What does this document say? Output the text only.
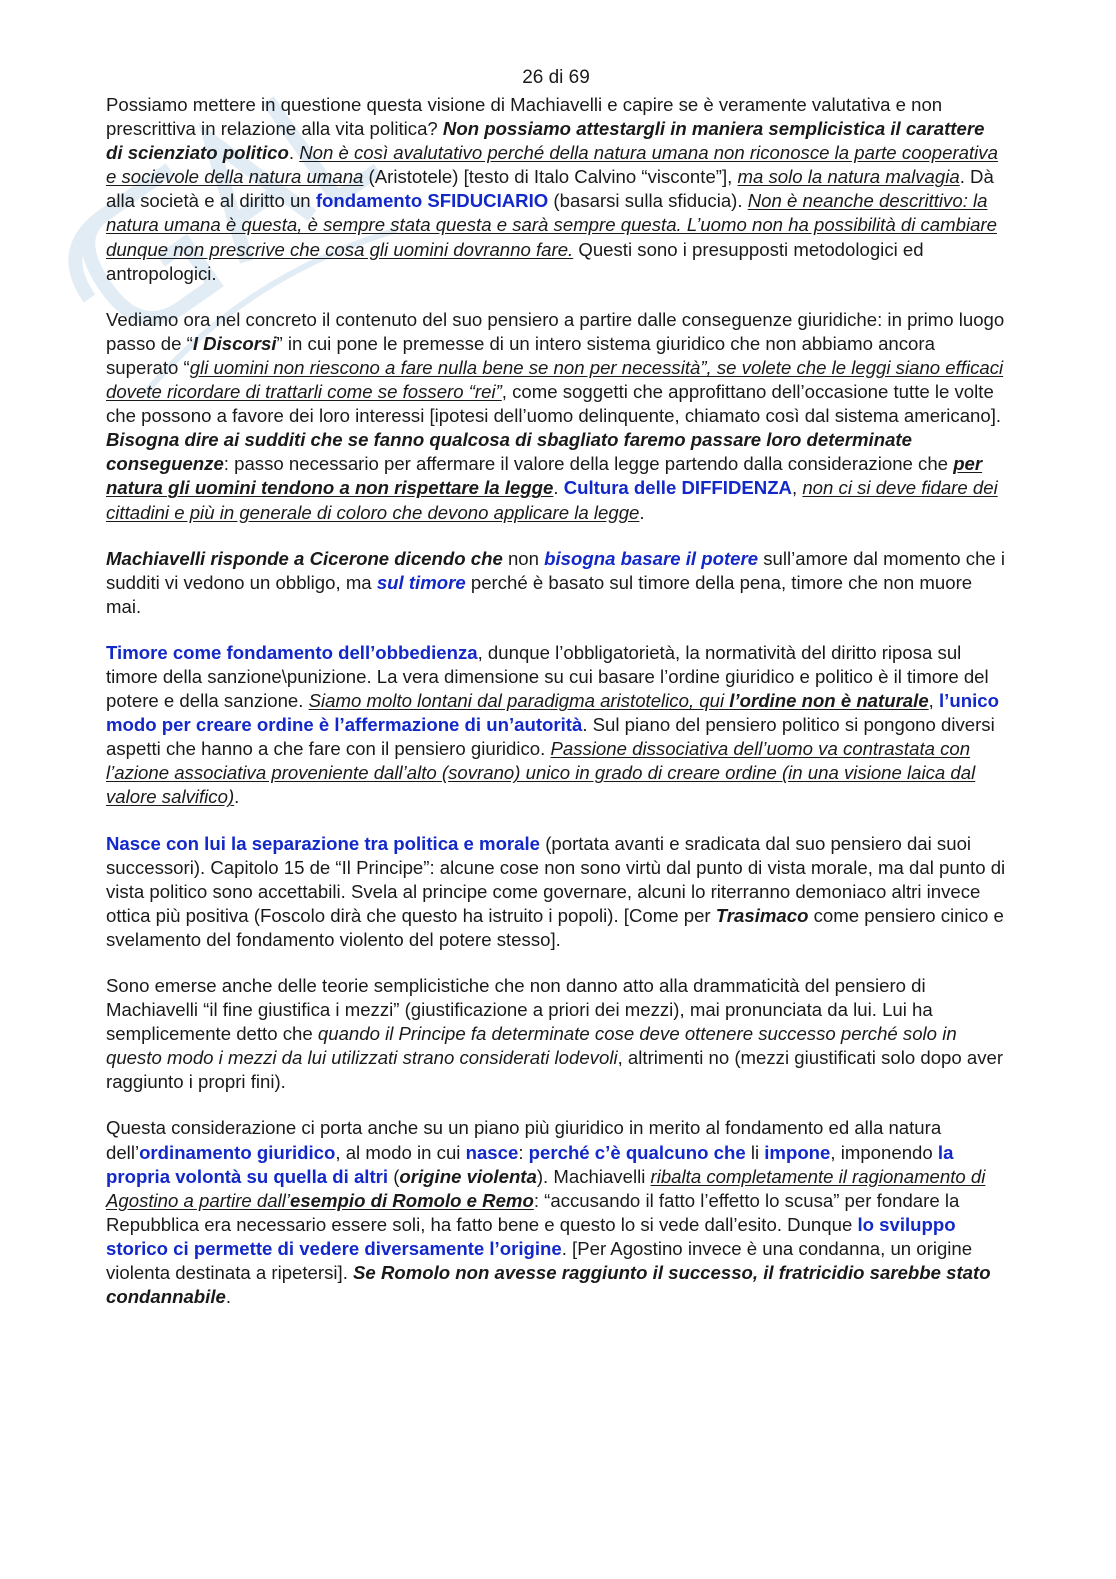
26 di 69

Possiamo mettere in questione questa visione di Machiavelli e capire se è veramente valutativa e non prescrittiva in relazione alla vita politica? Non possiamo attestargli in maniera semplicistica il carattere di scienziato politico. Non è così avalutativo perché della natura umana non riconosce la parte cooperativa e socievole della natura umana (Aristotele) [testo di Italo Calvino “visconte”], ma solo la natura malvagia. Dà alla società e al diritto un fondamento SFIDUCIARIO (basarsi sulla sfiducia). Non è neanche descrittivo: la natura umana è questa, è sempre stata questa e sarà sempre questa. L’uomo non ha possibilità di cambiare dunque non prescrive che cosa gli uomini dovranno fare. Questi sono i presupposti metodologici ed antropologici.

Vediamo ora nel concreto il contenuto del suo pensiero a partire dalle conseguenze giuridiche: in primo luogo passo de “I Discorsi” in cui pone le premesse di un intero sistema giuridico che non abbiamo ancora superato “gli uomini non riescono a fare nulla bene se non per necessità”, se volete che le leggi siano efficaci dovete ricordare di trattarli come se fossero “rei”, come soggetti che approfittano dell’occasione tutte le volte che possono a favore dei loro interessi [ipotesi dell’uomo delinquente, chiamato così dal sistema americano]. Bisogna dire ai sudditi che se fanno qualcosa di sbagliato faremo passare loro determinate conseguenze: passo necessario per affermare il valore della legge partendo dalla considerazione che per natura gli uomini tendono a non rispettare la legge. Cultura delle DIFFIDENZA, non ci si deve fidare dei cittadini e più in generale di coloro che devono applicare la legge.

Machiavelli risponde a Cicerone dicendo che non bisogna basare il potere sull’amore dal momento che i sudditi vi vedono un obbligo, ma sul timore perché è basato sul timore della pena, timore che non muore mai.

Timore come fondamento dell’obbedienza, dunque l’obbligatorietà, la normatività del diritto riposa sul timore della sanzione\punizione. La vera dimensione su cui basare l’ordine giuridico e politico è il timore del potere e della sanzione. Siamo molto lontani dal paradigma aristotelico, qui l’ordine non è naturale, l’unico modo per creare ordine è l’affermazione di un’autorità. Sul piano del pensiero politico si pongono diversi aspetti che hanno a che fare con il pensiero giuridico. Passione dissociativa dell’uomo va contrastata con l’azione associativa proveniente dall’alto (sovrano) unico in grado di creare ordine (in una visione laica dal valore salvifico).

Nasce con lui la separazione tra politica e morale (portata avanti e sradicata dal suo pensiero dai suoi successori). Capitolo 15 de “Il Principe”: alcune cose non sono virtù dal punto di vista morale, ma dal punto di vista politico sono accettabili. Svela al principe come governare, alcuni lo riterranno demoniaco altri invece ottica più positiva (Foscolo dirà che questo ha istruito i popoli). [Come per Trasimaco come pensiero cinico e svelamento del fondamento violento del potere stesso].

Sono emerse anche delle teorie semplicistiche che non danno atto alla drammaticità del pensiero di Machiavelli “il fine giustifica i mezzi” (giustificazione a priori dei mezzi), mai pronunciata da lui. Lui ha semplicemente detto che quando il Principe fa determinate cose deve ottenere successo perché solo in questo modo i mezzi da lui utilizzati strano considerati lodevoli, altrimenti no (mezzi giustificati solo dopo aver raggiunto i propri fini).

Questa considerazione ci porta anche su un piano più giuridico in merito al fondamento ed alla natura dell’ordinamento giuridico, al modo in cui nasce: perché c’è qualcuno che li impone, imponendo la propria volontà su quella di altri (origine violenta). Machiavelli ribalta completamente il ragionamento di Agostino a partire dall’esempio di Romolo e Remo: “accusando il fatto l’effetto lo scusa” per fondare la Repubblica era necessario essere soli, ha fatto bene e questo lo si vede dall’esito. Dunque lo sviluppo storico ci permette di vedere diversamente l’origine. [Per Agostino invece è una condanna, un origine violenta destinata a ripetersi]. Se Romolo non avesse raggiunto il successo, il fratricidio sarebbe stato condannabile.
